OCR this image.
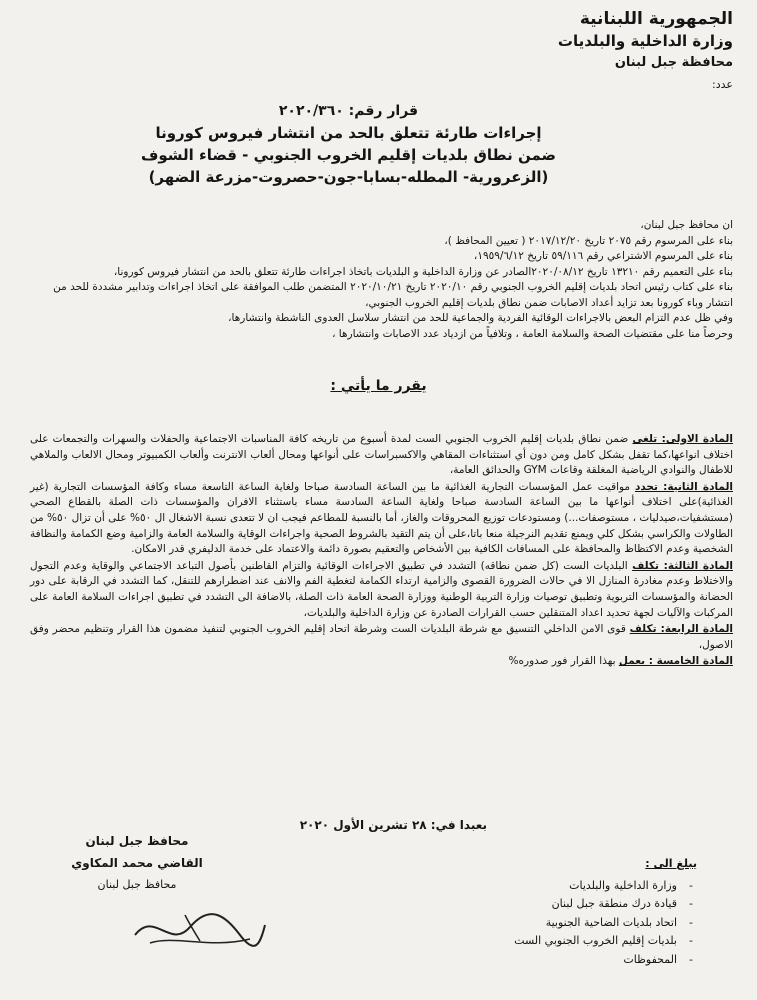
الجمهورية اللبنانية
وزارة الداخلية والبلديات
محافظة جبل لبنان
عدد:
قرار رقم: ٢٠٢٠/٣٦٠
إجراءات طارئة تتعلق بالحد من انتشار فيروس كورونا
ضمن نطاق بلديات إقليم الخروب الجنوبي - قضاء الشوف
(الزعرورية- المطله-بسابا-جون-حصروت-مزرعة الضهر)

ان محافظ جبل لبنان،

بناء على المرسوم رقم ٢٠٧٥ تاريخ ٢٠١٧/١٢/٢٠ ( تعيين المحافظ )،

بناء على المرسوم الاشتراعي رقم ٥٩/١١٦ تاريخ ١٩٥٩/٦/١٢،

بناء على التعميم رقم ١٣٢١٠ تاريخ ٢٠٢٠/٠٨/١٢الصادر عن وزارة الداخلية و البلديات باتخاذ اجراءات طارئة تتعلق بالحد من انتشار فيروس كورونا،

بناء على كتاب رئيس اتحاد بلديات إقليم الخروب الجنوبي رقم ٢٠٢٠/١٠ تاريخ ٢٠٢٠/١٠/٢١ المتضمن طلب الموافقة على اتخاذ اجراءات وتدابير مشددة للحد من انتشار وباء كورونا بعد تزايد أعداد الاصابات ضمن نطاق بلديات إقليم الخروب الجنوبي،

وفي ظل عدم التزام البعض بالاجراءات الوقائية الفردية والجماعية للحد من انتشار سلاسل العدوى الناشطة وانتشارها،

وحرصاً منا على مقتضيات الصحة والسلامة العامة ، وتلافياً من ازدياد عدد الاصابات وانتشارها ،

يقرر ما يأتي :

المادة الاولى: تلغى ضمن نطاق بلديات إقليم الخروب الجنوبي الست لمدة أسبوع من تاريخه كافة المناسبات الاجتماعية والحفلات والسهرات والتجمعات على اختلاف انواعها،كما تقفل بشكل كامل ومن دون أي استثناءات المقاهي والاكسبراسات على أنواعها ومحال ألعاب الانترنت وألعاب الكمبيوتر ومحال الالعاب والملاهي للاطفال والنوادي الرياضية المغلقة وقاعات GYM والحدائق العامة،

المادة الثانية: تحدد مواقيت عمل المؤسسات التجارية الغذائية ما بين الساعة السادسة صباحا ولغاية الساعة التاسعة مساء وكافة المؤسسات التجارية (غير الغذائية)على اختلاف أنواعها ما بين الساعة السادسة صباحا ولغاية الساعة السادسة مساء باستثناء الافران والمؤسسات ذات الصلة بالقطاع الصحي (مستشفيات،صيدليات ، مستوصفات...) ومستودعات توزيع المحروقات والغاز، أما بالنسبة للمطاعم فيجب ان لا تتعدى نسبة الاشغال ال ٥٠% على أن تزال ٥٠% من الطاولات والكراسي بشكل كلي ويمنع تقديم النرجيلة منعا باتا،على أن يتم التقيد بالشروط الصحية واجراءات الوقاية والسلامة العامة والزامية وضع الكمامة والنظافة الشخصية وعدم الاكتظاظ والمحافظة على المسافات الكافية بين الأشخاص والتعقيم بصورة دائمة والاعتماد على خدمة الدليفري قدر الامكان.

المادة الثالثة: تكلف البلديات الست (كل ضمن نطاقه) التشدد في تطبيق الاجراءات الوقائية والتزام القاطنين بأصول التباعد الاجتماعي والوقاية وعدم التجول والاختلاط وعدم مغادرة المنازل الا في حالات الضرورة القصوى والزامية ارتداء الكمامة لتغطية الفم والانف عند اضطرارهم للتنقل، كما التشدد في الرقابة على دور الحضانة والمؤسسات التربوية وتطبيق توصيات وزارة التربية الوطنية ووزارة الصحة العامة ذات الصلة، بالاضافة الى التشدد في تطبيق اجراءات السلامة العامة على المركبات والآليات لجهة تحديد اعداد المتنقلين حسب القرارات الصادرة عن وزارة الداخلية والبلديات،

المادة الرابعة: تكلف قوى الامن الداخلي التنسيق مع شرطة البلديات الست وشرطة اتحاد إقليم الخروب الجنوبي لتنفيذ مضمون هذا القرار وتنظيم محضر وفق الاصول،

المادة الخامسة : يعمل بهذا القرار فور صدوره%

بعبدا في: ٢٨ تشرين الأول ٢٠٢٠
محافظ جبل لبنان
القاضي محمد المكاوي
محافظ جبل لبنان
يبلغ الى :
-
وزارة الداخلية والبلديات
-
قيادة درك منطقة جبل لبنان
-
اتحاد بلديات الضاحية الجنوبية
-
بلديات إقليم الخروب الجنوبي الست
-
المحفوظات
